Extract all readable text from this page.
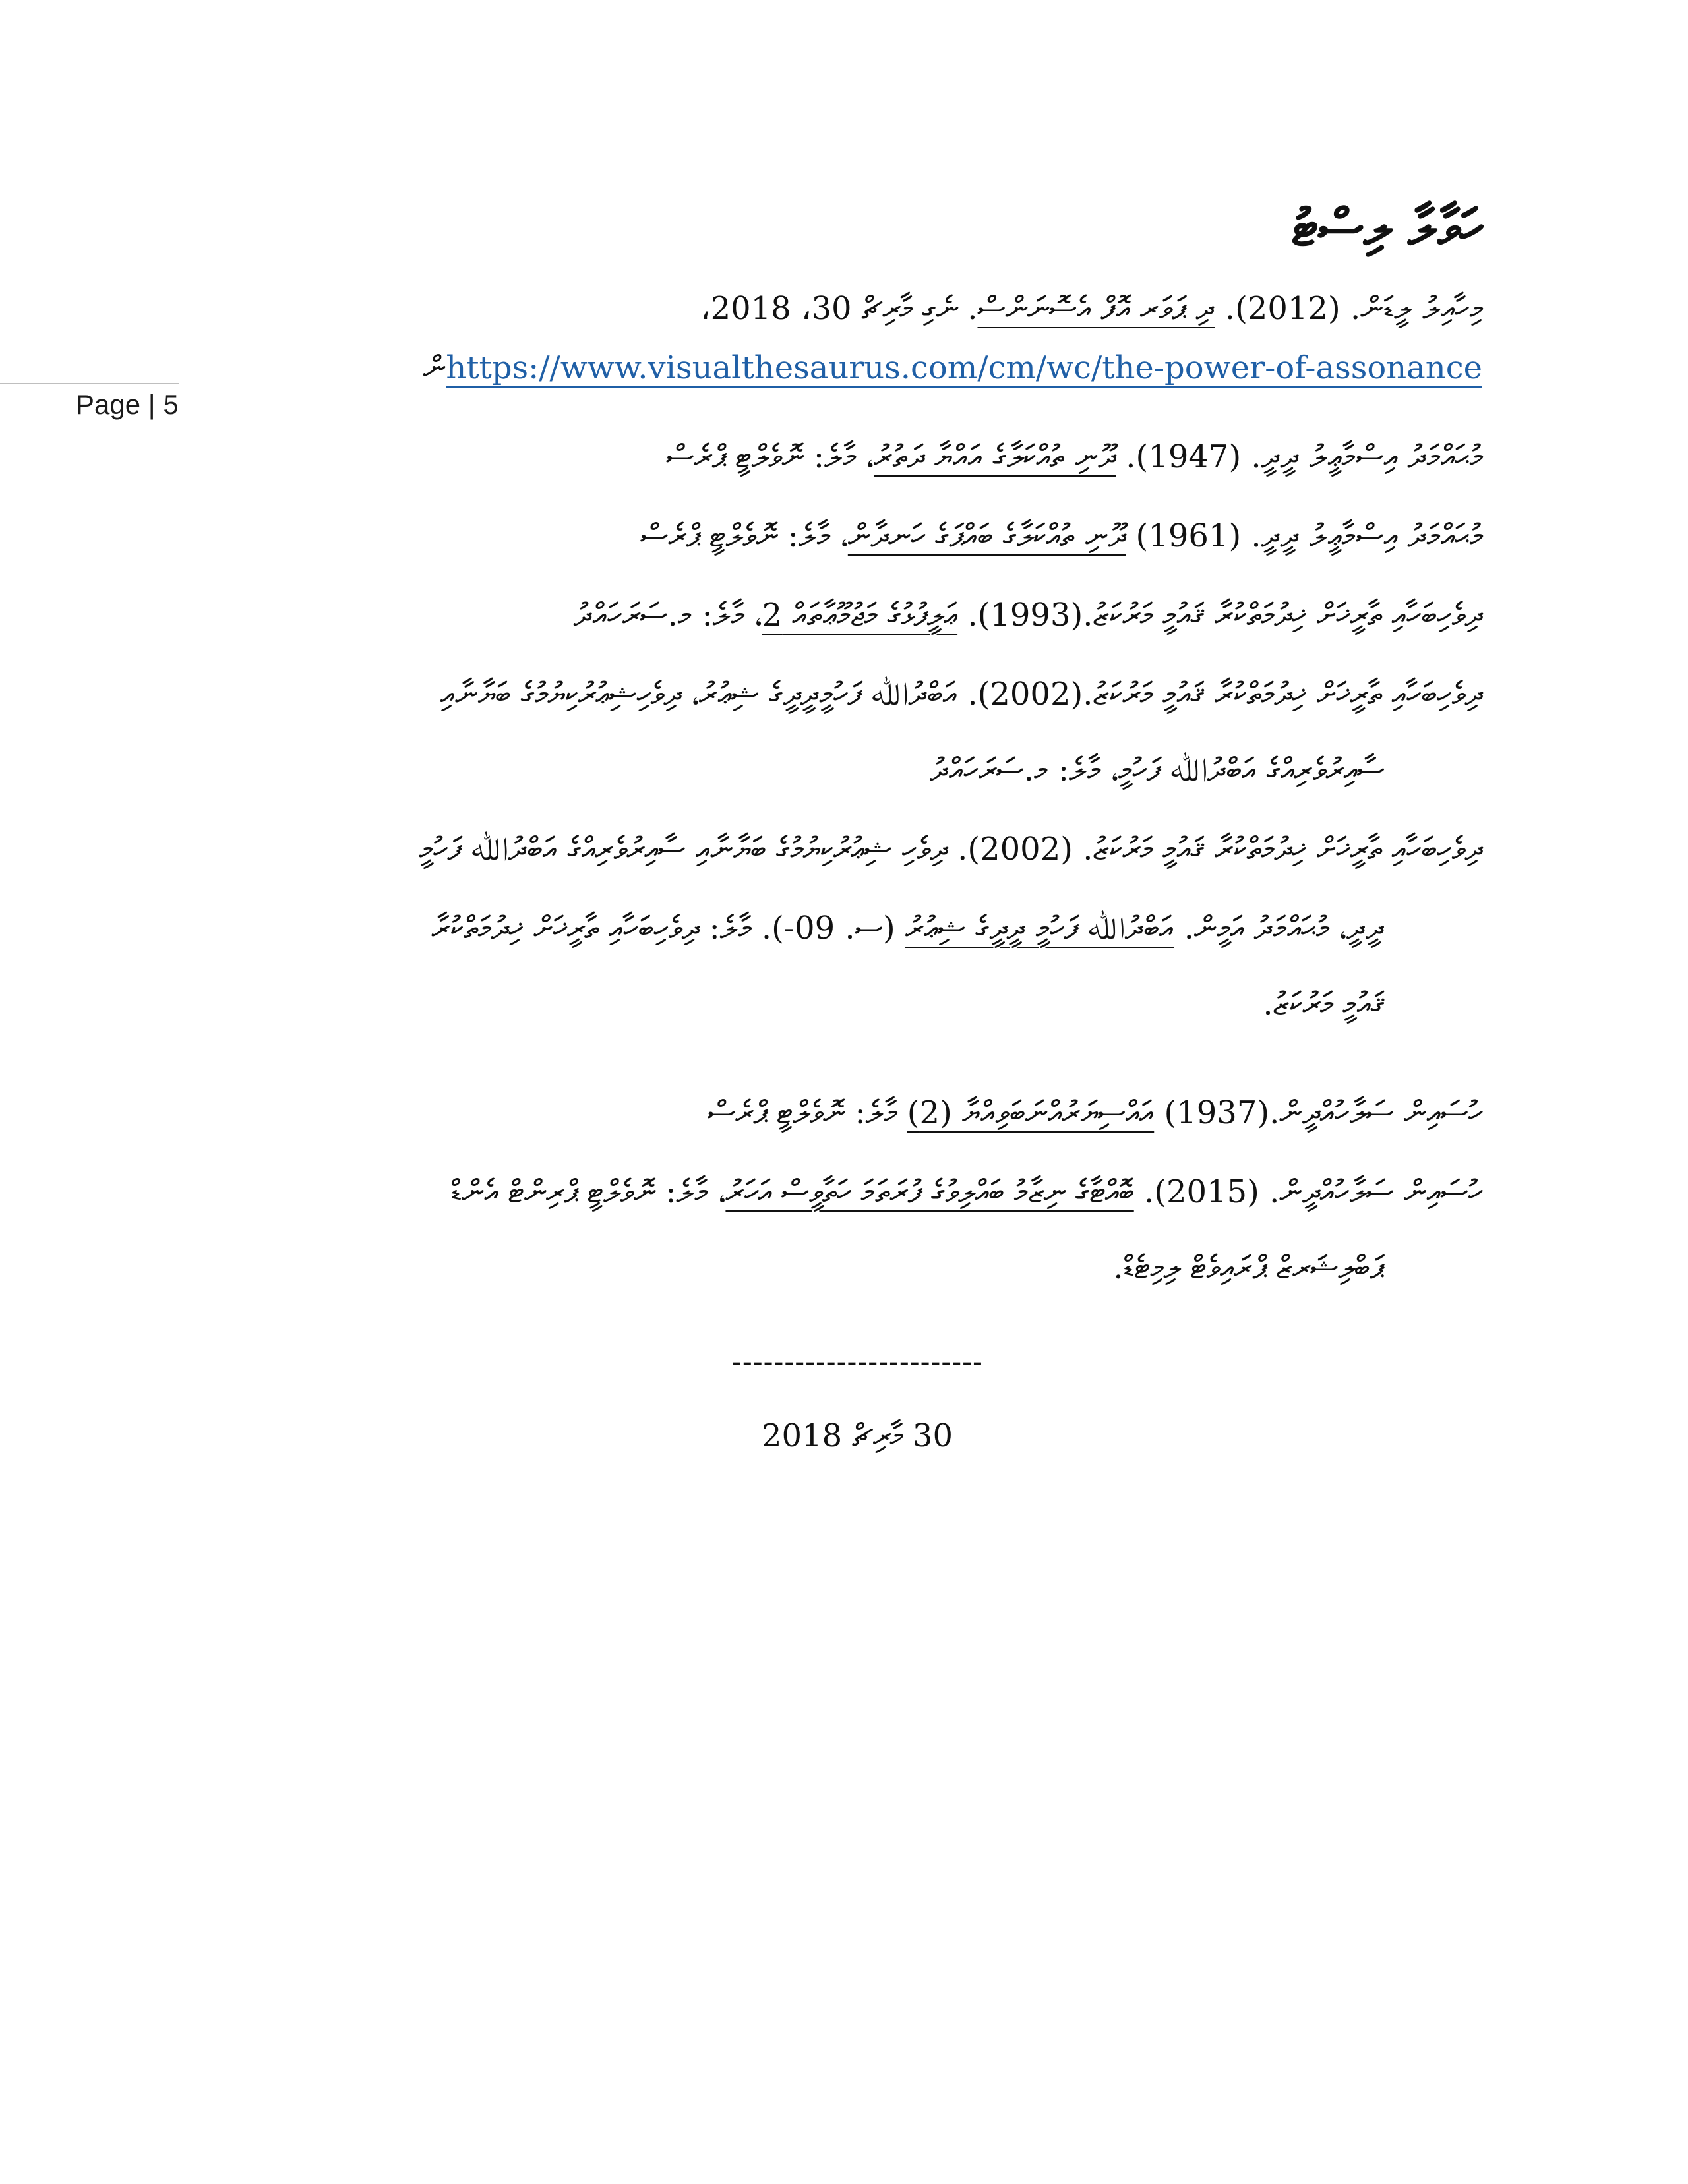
Page | 5
ހަވާލާ ލިސްޓު
މިހާއިލު ލީޑަން. (2012). ދި ޕަވަރ އޮފް އެސޮނަންސް. ނެގި މާރިޗް 30، 2018،
https://www.visualthesaurus.com/cm/wc/the-power-of-assonanceން
މުޙައްމަދު އިސްމާޢީލު ދީދީ. (1947). ދޫނި ތުއްކަލާގެ އައްޔާ ދަތުރު، މާލެ: ނޮވެލްޓީ ޕްރެސް
މުޙައްމަދު އިސްމާޢީލު ދީދީ. (1961) ދޫނި ތުއްކަލާގެ ބައްޕަގެ ހަނދާން، މާލެ: ނޮވެލްޓީ ޕްރެސް
ދިވެހިބަހާއި ތާރީޚަށް ޚިދުމަތްކުރާ ޤައުމީ މަރުކަޒު.(1993). ޢަލީފުޅުގެ މަޖުމޫޢާތައް 2، މާލެ: މ.ސަރަހައްދު
ދިވެހިބަހާއި ތާރީޚަށް ޚިދުމަތްކުރާ ޤައުމީ މަރުކަޒު.(2002). އަބްދުﷲ ފަހުމީދީދީގެ ޝިޢުރު، ދިވެހިޝިޢުރުކިޔުމުގެ ބަޔާނާއި
ސާއިރުވެރިއްގެ އަބްދުﷲ ފަހުމީ، މާލެ: މ.ސަރަހައްދު
ދިވެހިބަހާއި ތާރީޚަށް ޚިދުމަތްކުރާ ޤައުމީ މަރުކަޒު. (2002). ދިވެހި ޝިޢުރުކިޔުމުގެ ބަޔާނާއި ސާއިރުވެރިއްގެ އަބްދުﷲ ފަހުމީ
ދީދީ، މުޙައްމަދު އަމީން. އަބްދުﷲ ފަހުމީ ދީދީގެ ޝިޢުރު (ސ. 09-). މާލެ: ދިވެހިބަހާއި ތާރީޚަށް ޚިދުމަތްކުރާ
ޤައުމީ މަރުކަޒު.
ހުސައިން ސަލާހުއްދީން.(1937) އައްސިޔަރުއްނަބަވިއްޔާ (2) މާލެ: ނޮވެލްޓީ ޕްރެސް
ހުސައިން ސަލާހުއްދީން. (2015). ބޮއްޓާގެ ނިޒާމު ބައްލިވުގެ ފުރަތަމަ ހަތާވީސް އަހަރު، މާލެ: ނޮވެލްޓީ ޕްރިންޓް އެންޑް
ޕަބްލިޝަރޒް ޕްރައިވެޓް ލިމިޓެޑް.
------------------------
30 މާރިޗް 2018
